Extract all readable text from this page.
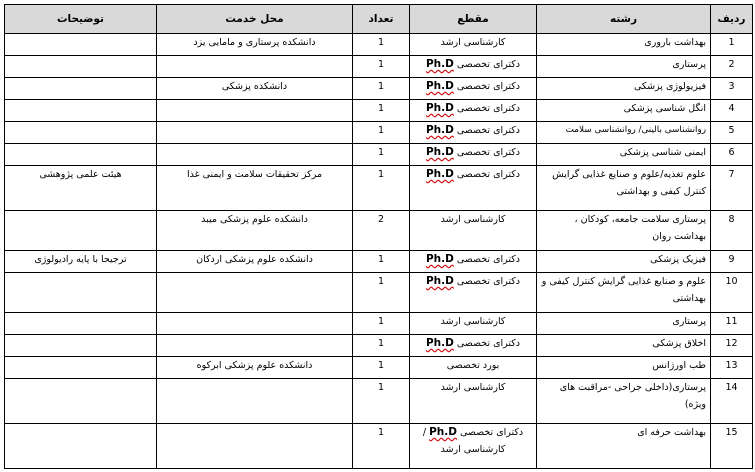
ردیف	رشته	مقطع	تعداد	محل خدمت	توضیحات
1	بهداشت باروری	کارشناسی ارشد	1	دانشکده پرستاری و مامایی یزد	
2	پرستاری	دکترای تخصصی Ph.D	1		
3	فیزیولوژی پزشکی	دکترای تخصصی Ph.D	1	دانشکده پزشکی	
4	انگل شناسی پزشکی	دکترای تخصصی Ph.D	1		
5	روانشناسی بالینی/ روانشناسی سلامت	دکترای تخصصی Ph.D	1		
6	ایمنی شناسی پزشکی	دکترای تخصصی Ph.D	1		
7	علوم تغذیه/علوم و صنایع غذایی گرایش کنترل کیفی و بهداشتی	دکترای تخصصی Ph.D	1	مرکز تحقیقات سلامت و ایمنی غذا	هیئت علمی پژوهشی
8	پرستاری سلامت جامعه، کودکان ، بهداشت روان	کارشناسی ارشد	2	دانشکده علوم پزشکی میبد	
9	فیزیک پزشکی	دکترای تخصصی Ph.D	1	دانشکده علوم پزشکی اردکان	ترجیحا با پایه رادیولوژی
10	علوم و صنایع غذایی گرایش کنترل کیفی و بهداشتی	دکترای تخصصی Ph.D	1		
11	پرستاری	کارشناسی ارشد	1		
12	اخلاق پزشکی	دکترای تخصصی Ph.D	1		
13	طب اورژانس	بورد تخصصی	1	دانشکده علوم پزشکی ابرکوه	
14	پرستاری(داخلی جراحی -مراقبت های ویژه)	کارشناسی ارشد	1		
15	بهداشت حرفه ای	دکترای تخصصی Ph.D / کارشناسی ارشد	1		
